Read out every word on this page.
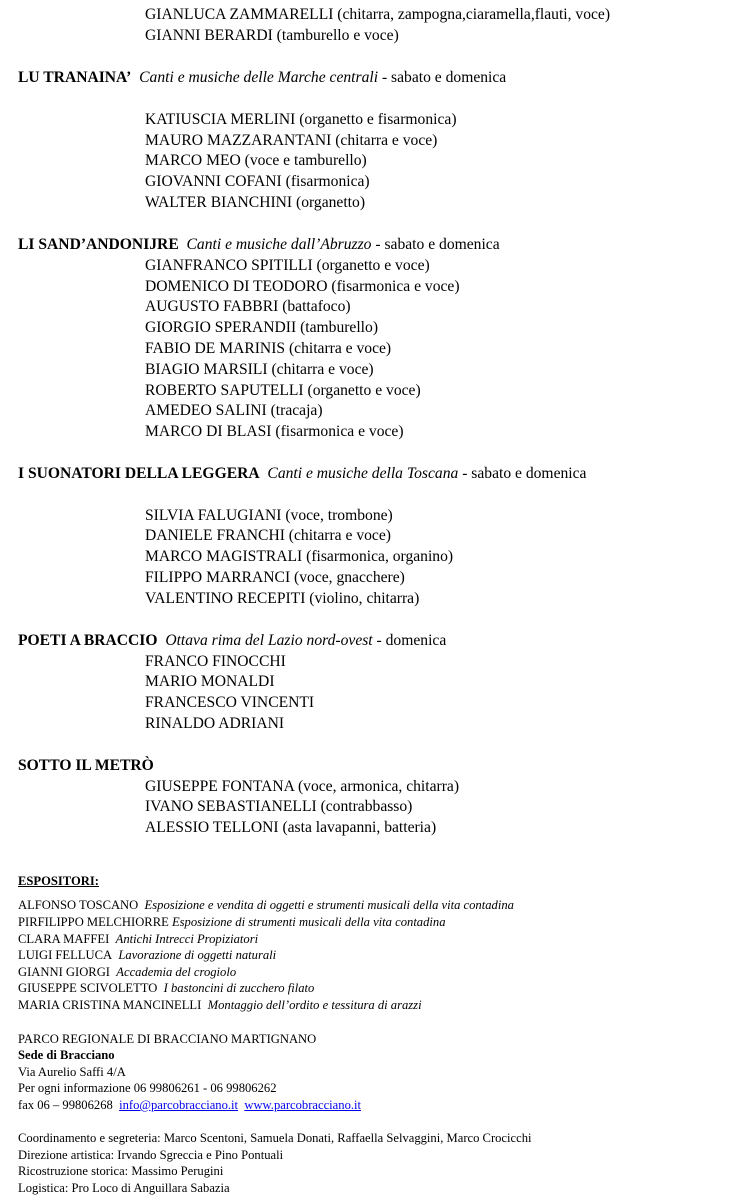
GIANLUCA ZAMMARELLI (chitarra, zampogna,ciaramella,flauti, voce)
GIANNI BERARDI (tamburello e voce)
LU TRANAINA’ Canti e musiche delle Marche centrali - sabato e domenica
KATIUSCIA MERLINI (organetto e fisarmonica)
MAURO MAZZARANTANI (chitarra e voce)
MARCO MEO (voce e tamburello)
GIOVANNI COFANI (fisarmonica)
WALTER BIANCHINI (organetto)
LI SAND’ANDONIJRE Canti e musiche dall’Abruzzo - sabato e domenica
GIANFRANCO SPITILLI (organetto e voce)
DOMENICO DI TEODORO (fisarmonica e voce)
AUGUSTO FABBRI (battafoco)
GIORGIO SPERANDII (tamburello)
FABIO DE MARINIS (chitarra e voce)
BIAGIO MARSILI (chitarra e voce)
ROBERTO SAPUTELLI (organetto e voce)
AMEDEO SALINI (tracaja)
MARCO DI BLASI (fisarmonica e voce)
I SUONATORI DELLA LEGGERA Canti e musiche della Toscana - sabato e domenica
SILVIA FALUGIANI (voce, trombone)
DANIELE FRANCHI (chitarra e voce)
MARCO MAGISTRALI (fisarmonica, organino)
FILIPPO MARRANCI (voce, gnacchere)
VALENTINO RECEPITI (violino, chitarra)
POETI A BRACCIO Ottava rima del Lazio nord-ovest - domenica
FRANCO FINOCCHI
MARIO MONALDI
FRANCESCO VINCENTI
RINALDO ADRIANI
SOTTO IL METRÒ
GIUSEPPE FONTANA (voce, armonica, chitarra)
IVANO SEBASTIANELLI (contrabbasso)
ALESSIO TELLONI (asta lavapanni, batteria)
ESPOSITORI:
ALFONSO TOSCANO Esposizione e vendita di oggetti e strumenti musicali della vita contadina
PIRFILIPPO MELCHIORRE Esposizione di strumenti musicali della vita contadina
CLARA MAFFEI Antichi Intrecci Propiziatori
LUIGI FELLUCA Lavorazione di oggetti naturali
GIANNI GIORGI Accademia del crogiolo
GIUSEPPE SCIVOLETTO I bastoncini di zucchero filato
MARIA CRISTINA MANCINELLI Montaggio dell’ordito e tessitura di arazzi
PARCO REGIONALE DI BRACCIANO MARTIGNANO
Sede di Bracciano
Via Aurelio Saffi 4/A
Per ogni informazione 06 99806261 - 06 99806262
fax 06 – 99806268 info@parcobracciano.it www.parcobracciano.it
Coordinamento e segreteria: Marco Scentoni, Samuela Donati, Raffaella Selvaggini, Marco Crocicchi
Direzione artistica: Irvando Sgreccia e Pino Pontuali
Ricostruzione storica: Massimo Perugini
Logistica: Pro Loco di Anguillara Sabazia
